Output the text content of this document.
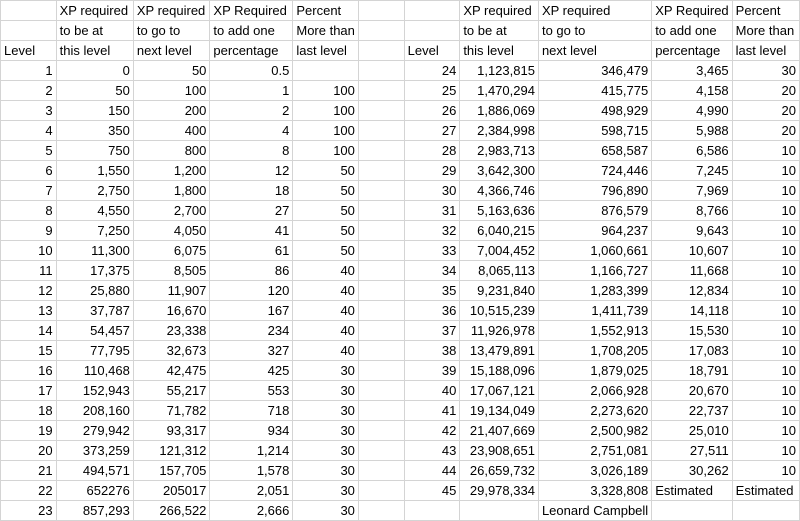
	XP required	XP required	XP Required	Percent			XP required	XP required	XP Required	Percent
	to be at	to go to	to add one	More than			to be at	to go to	to add one	More than
Level	this level	next level	percentage	last level		Level	this level	next level	percentage	last level
1	0	50	0.5			24	1,123,815	346,479	3,465	30
2	50	100	1	100		25	1,470,294	415,775	4,158	20
3	150	200	2	100		26	1,886,069	498,929	4,990	20
4	350	400	4	100		27	2,384,998	598,715	5,988	20
5	750	800	8	100		28	2,983,713	658,587	6,586	10
6	1,550	1,200	12	50		29	3,642,300	724,446	7,245	10
7	2,750	1,800	18	50		30	4,366,746	796,890	7,969	10
8	4,550	2,700	27	50		31	5,163,636	876,579	8,766	10
9	7,250	4,050	41	50		32	6,040,215	964,237	9,643	10
10	11,300	6,075	61	50		33	7,004,452	1,060,661	10,607	10
11	17,375	8,505	86	40		34	8,065,113	1,166,727	11,668	10
12	25,880	11,907	120	40		35	9,231,840	1,283,399	12,834	10
13	37,787	16,670	167	40		36	10,515,239	1,411,739	14,118	10
14	54,457	23,338	234	40		37	11,926,978	1,552,913	15,530	10
15	77,795	32,673	327	40		38	13,479,891	1,708,205	17,083	10
16	110,468	42,475	425	30		39	15,188,096	1,879,025	18,791	10
17	152,943	55,217	553	30		40	17,067,121	2,066,928	20,670	10
18	208,160	71,782	718	30		41	19,134,049	2,273,620	22,737	10
19	279,942	93,317	934	30		42	21,407,669	2,500,982	25,010	10
20	373,259	121,312	1,214	30		43	23,908,651	2,751,081	27,511	10
21	494,571	157,705	1,578	30		44	26,659,732	3,026,189	30,262	10
22	652276	205017	2,051	30		45	29,978,334	3,328,808	Estimated	Estimated
23	857,293	266,522	2,666	30				Leonard Campbell		
